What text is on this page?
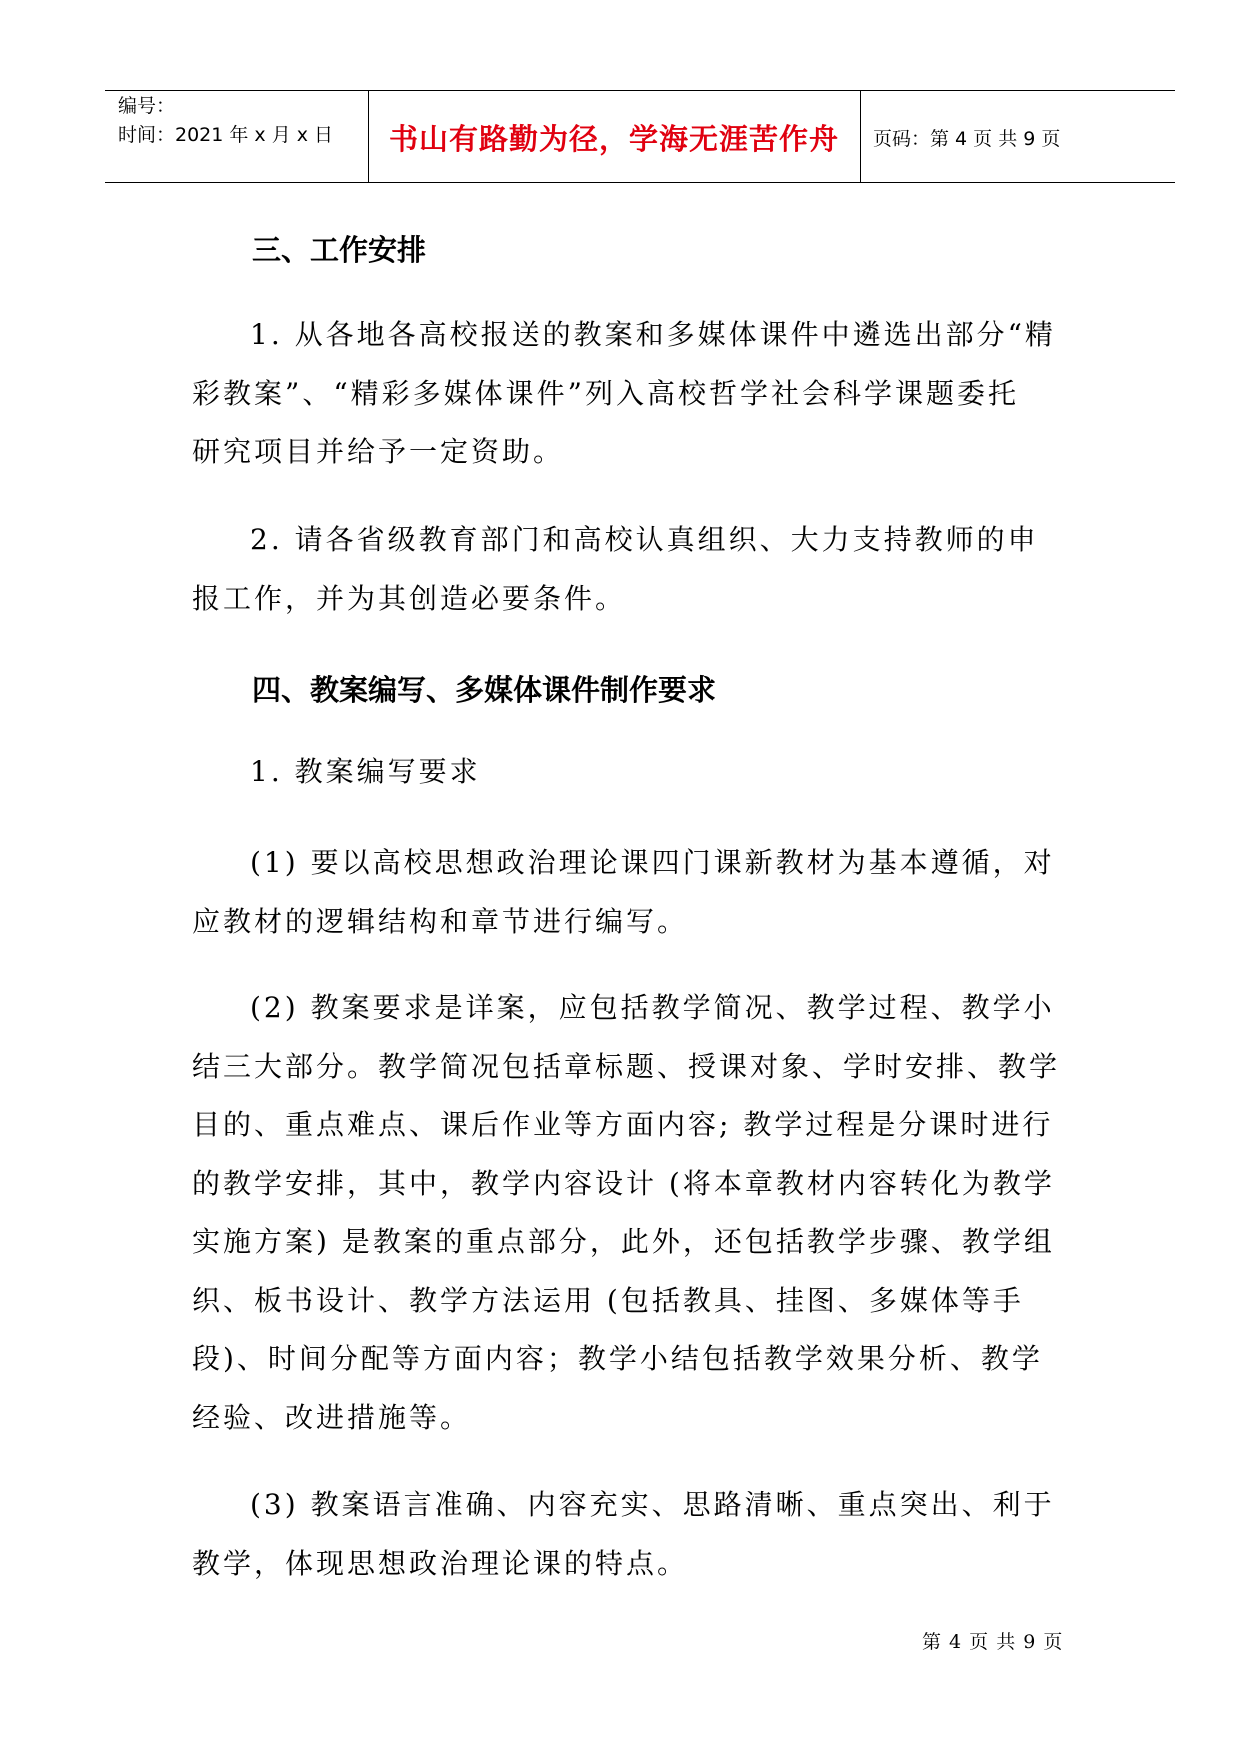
编号：
时间：2021 年 x 月 x 日	书山有路勤为径，学海无涯苦作舟	页码：第 4 页 共 9 页
三、工作安排
1. 从各地各高校报送的教案和多媒体课件中遴选出部分“精
彩教案”、“精彩多媒体课件”列入高校哲学社会科学课题委托
研究项目并给予一定资助。
2. 请各省级教育部门和高校认真组织、大力支持教师的申
报工作，并为其创造必要条件。
四、教案编写、多媒体课件制作要求
1. 教案编写要求
(1) 要以高校思想政治理论课四门课新教材为基本遵循，对
应教材的逻辑结构和章节进行编写。
(2) 教案要求是详案，应包括教学简况、教学过程、教学小
结三大部分。教学简况包括章标题、授课对象、学时安排、教学
目的、重点难点、课后作业等方面内容; 教学过程是分课时进行
的教学安排，其中，教学内容设计 (将本章教材内容转化为教学
实施方案) 是教案的重点部分，此外，还包括教学步骤、教学组
织、板书设计、教学方法运用 (包括教具、挂图、多媒体等手
段)、时间分配等方面内容；教学小结包括教学效果分析、教学
经验、改进措施等。
(3) 教案语言准确、内容充实、思路清晰、重点突出、利于
教学，体现思想政治理论课的特点。
第 4 页 共 9 页
